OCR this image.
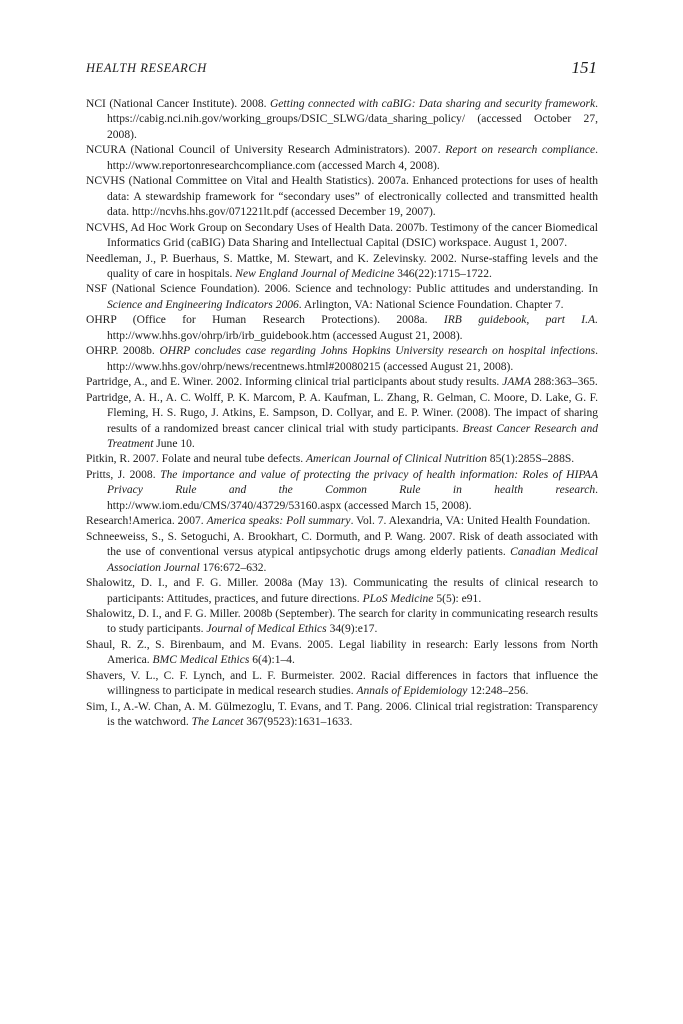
HEALTH RESEARCH	151
NCI (National Cancer Institute). 2008. Getting connected with caBIG: Data sharing and security framework. https://cabig.nci.nih.gov/working_groups/DSIC_SLWG/data_sharing_policy/ (accessed October 27, 2008).
NCURA (National Council of University Research Administrators). 2007. Report on research compliance. http://www.reportonresearchcompliance.com (accessed March 4, 2008).
NCVHS (National Committee on Vital and Health Statistics). 2007a. Enhanced protections for uses of health data: A stewardship framework for “secondary uses” of electronically collected and transmitted health data. http://ncvhs.hhs.gov/071221lt.pdf (accessed December 19, 2007).
NCVHS, Ad Hoc Work Group on Secondary Uses of Health Data. 2007b. Testimony of the cancer Biomedical Informatics Grid (caBIG) Data Sharing and Intellectual Capital (DSIC) workspace. August 1, 2007.
Needleman, J., P. Buerhaus, S. Mattke, M. Stewart, and K. Zelevinsky. 2002. Nurse-staffing levels and the quality of care in hospitals. New England Journal of Medicine 346(22):1715–1722.
NSF (National Science Foundation). 2006. Science and technology: Public attitudes and understanding. In Science and Engineering Indicators 2006. Arlington, VA: National Science Foundation. Chapter 7.
OHRP (Office for Human Research Protections). 2008a. IRB guidebook, part I.A. http://www.hhs.gov/ohrp/irb/irb_guidebook.htm (accessed August 21, 2008).
OHRP. 2008b. OHRP concludes case regarding Johns Hopkins University research on hospital infections. http://www.hhs.gov/ohrp/news/recentnews.html#20080215 (accessed August 21, 2008).
Partridge, A., and E. Winer. 2002. Informing clinical trial participants about study results. JAMA 288:363–365.
Partridge, A. H., A. C. Wolff, P. K. Marcom, P. A. Kaufman, L. Zhang, R. Gelman, C. Moore, D. Lake, G. F. Fleming, H. S. Rugo, J. Atkins, E. Sampson, D. Collyar, and E. P. Winer. (2008). The impact of sharing results of a randomized breast cancer clinical trial with study participants. Breast Cancer Research and Treatment June 10.
Pitkin, R. 2007. Folate and neural tube defects. American Journal of Clinical Nutrition 85(1):285S–288S.
Pritts, J. 2008. The importance and value of protecting the privacy of health information: Roles of HIPAA Privacy Rule and the Common Rule in health research. http://www.iom.edu/CMS/3740/43729/53160.aspx (accessed March 15, 2008).
Research!America. 2007. America speaks: Poll summary. Vol. 7. Alexandria, VA: United Health Foundation.
Schneeweiss, S., S. Setoguchi, A. Brookhart, C. Dormuth, and P. Wang. 2007. Risk of death associated with the use of conventional versus atypical antipsychotic drugs among elderly patients. Canadian Medical Association Journal 176:672–632.
Shalowitz, D. I., and F. G. Miller. 2008a (May 13). Communicating the results of clinical research to participants: Attitudes, practices, and future directions. PLoS Medicine 5(5): e91.
Shalowitz, D. I., and F. G. Miller. 2008b (September). The search for clarity in communicating research results to study participants. Journal of Medical Ethics 34(9):e17.
Shaul, R. Z., S. Birenbaum, and M. Evans. 2005. Legal liability in research: Early lessons from North America. BMC Medical Ethics 6(4):1–4.
Shavers, V. L., C. F. Lynch, and L. F. Burmeister. 2002. Racial differences in factors that influence the willingness to participate in medical research studies. Annals of Epidemiology 12:248–256.
Sim, I., A.-W. Chan, A. M. Gülmezoglu, T. Evans, and T. Pang. 2006. Clinical trial registration: Transparency is the watchword. The Lancet 367(9523):1631–1633.
